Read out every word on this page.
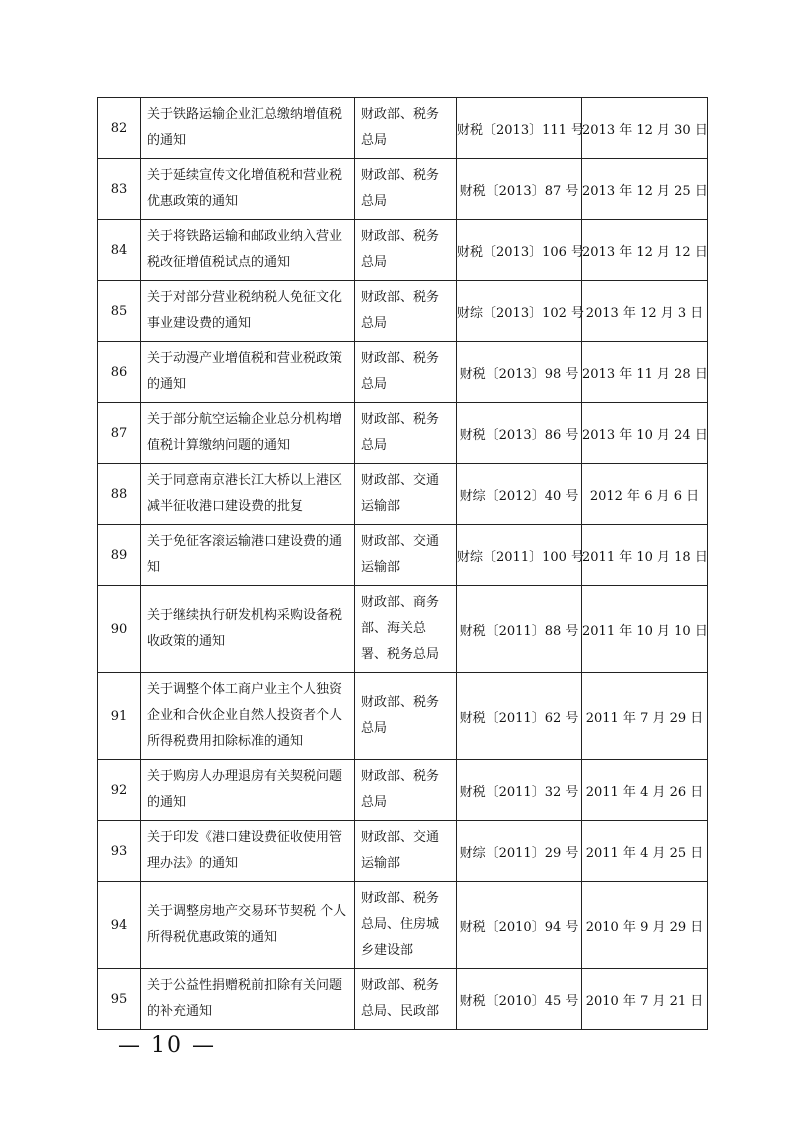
82	关于铁路运输企业汇总缴纳增值税的通知	财政部、税务总局	财税〔2013〕111 号	2013 年 12 月 30 日
83	关于延续宣传文化增值税和营业税优惠政策的通知	财政部、税务总局	财税〔2013〕87 号	2013 年 12 月 25 日
84	关于将铁路运输和邮政业纳入营业税改征增值税试点的通知	财政部、税务总局	财税〔2013〕106 号	2013 年 12 月 12 日
85	关于对部分营业税纳税人免征文化事业建设费的通知	财政部、税务总局	财综〔2013〕102 号	2013 年 12 月 3 日
86	关于动漫产业增值税和营业税政策的通知	财政部、税务总局	财税〔2013〕98 号	2013 年 11 月 28 日
87	关于部分航空运输企业总分机构增值税计算缴纳问题的通知	财政部、税务总局	财税〔2013〕86 号	2013 年 10 月 24 日
88	关于同意南京港长江大桥以上港区减半征收港口建设费的批复	财政部、交通运输部	财综〔2012〕40 号	2012 年 6 月 6 日
89	关于免征客滚运输港口建设费的通知	财政部、交通运输部	财综〔2011〕100 号	2011 年 10 月 18 日
90	关于继续执行研发机构采购设备税收政策的通知	财政部、商务部、海关总署、税务总局	财税〔2011〕88 号	2011 年 10 月 10 日
91	关于调整个体工商户业主个人独资企业和合伙企业自然人投资者个人所得税费用扣除标准的通知	财政部、税务总局	财税〔2011〕62 号	2011 年 7 月 29 日
92	关于购房人办理退房有关契税问题的通知	财政部、税务总局	财税〔2011〕32 号	2011 年 4 月 26 日
93	关于印发《港口建设费征收使用管理办法》的通知	财政部、交通运输部	财综〔2011〕29 号	2011 年 4 月 25 日
94	关于调整房地产交易环节契税 个人所得税优惠政策的通知	财政部、税务总局、住房城乡建设部	财税〔2010〕94 号	2010 年 9 月 29 日
95	关于公益性捐赠税前扣除有关问题的补充通知	财政部、税务总局、民政部	财税〔2010〕45 号	2010 年 7 月 21 日
— 10 —
